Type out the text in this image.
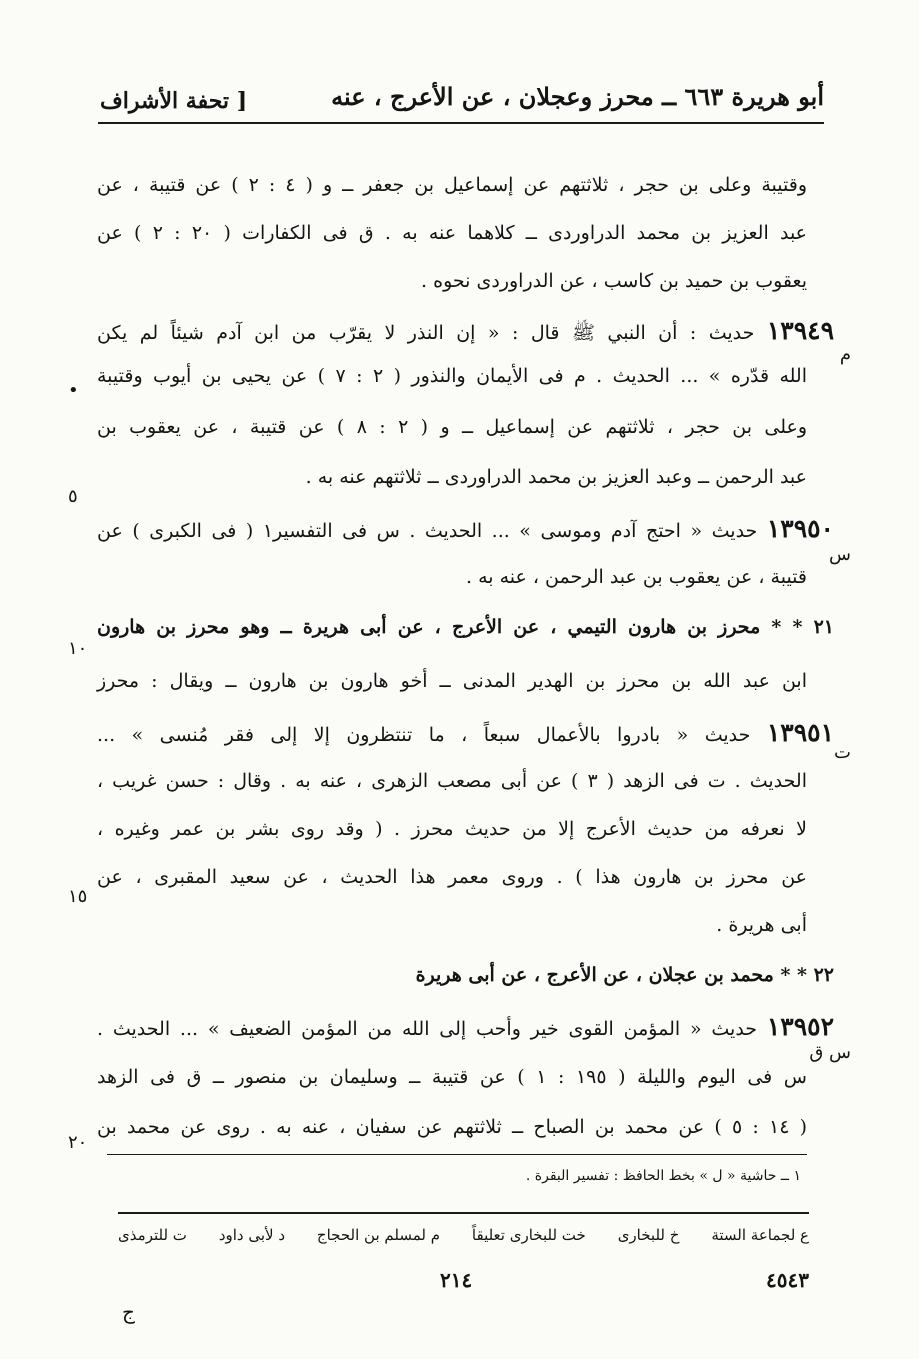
أبو هريرة ٦٦٣ ــ محرز وعجلان ، عن الأعرج ، عنه
[ تحفة الأشراف
وقتيبة وعلى بن حجر ، ثلاثتهم عن إسماعيل بن جعفر ــ و ( ٤ : ٢ ) عن قتيبة ، عن
عبد العزيز بن محمد الدراوردى ــ كلاهما عنه به . ق فى الكفارات ( ٢٠ : ٢ ) عن
يعقوب بن حميد بن كاسب ، عن الدراوردى نحوه .
١٣٩٤٩ حديث : أن النبي ﷺ قال : « إن النذر لا يقرّب من ابن آدم شيئاً لم يكن
الله قدّره » ... الحديث . م فى الأيمان والنذور ( ٢ : ٧ ) عن يحيى بن أيوب وقتيبة
وعلى بن حجر ، ثلاثتهم عن إسماعيل ــ و ( ٢ : ٨ ) عن قتيبة ، عن يعقوب بن
عبد الرحمن ــ وعبد العزيز بن محمد الدراوردى ــ ثلاثتهم عنه به .
١٣٩٥٠ حديث « احتج آدم وموسى » ... الحديث . س فى التفسير١ ( فى الكبرى ) عن
قتيبة ، عن يعقوب بن عبد الرحمن ، عنه به .
٢١ * * محرز بن هارون التيمي ، عن الأعرج ، عن أبى هريرة ــ وهو محرز بن هارون
ابن عبد الله بن محرز بن الهدير المدنى ــ أخو هارون بن هارون ــ ويقال : محرز
١٣٩٥١ حديث « بادروا بالأعمال سبعاً ، ما تنتظرون إلا إلى فقر مُنسى » ...
الحديث . ت فى الزهد ( ٣ ) عن أبى مصعب الزهرى ، عنه به . وقال : حسن غريب ،
لا نعرفه من حديث الأعرج إلا من حديث محرز . ( وقد روى بشر بن عمر وغيره ،
عن محرز بن هارون هذا ) . وروى معمر هذا الحديث ، عن سعيد المقبرى ، عن
أبى هريرة .
٢٢ * * محمد بن عجلان ، عن الأعرج ، عن أبى هريرة
١٣٩٥٢ حديث « المؤمن القوى خير وأحب إلى الله من المؤمن الضعيف » ... الحديث .
س فى اليوم والليلة ( ١٩٥ : ١ ) عن قتيبة ــ وسليمان بن منصور ــ ق فى الزهد
( ١٤ : ٥ ) عن محمد بن الصباح ــ ثلاثتهم عن سفيان ، عنه به . روى عن محمد بن
م
س
ت
س ق
•
٥
١٠
١٥
٢٠
١ ــ حاشية « ل » بخط الحافظ : تفسير البقرة .
ع لجماعة الستة
خ للبخارى
خت للبخارى تعليقاً
م لمسلم بن الحجاج
د لأبى داود
ت للترمذى
٢١٤	٤٥٤٣
ج
